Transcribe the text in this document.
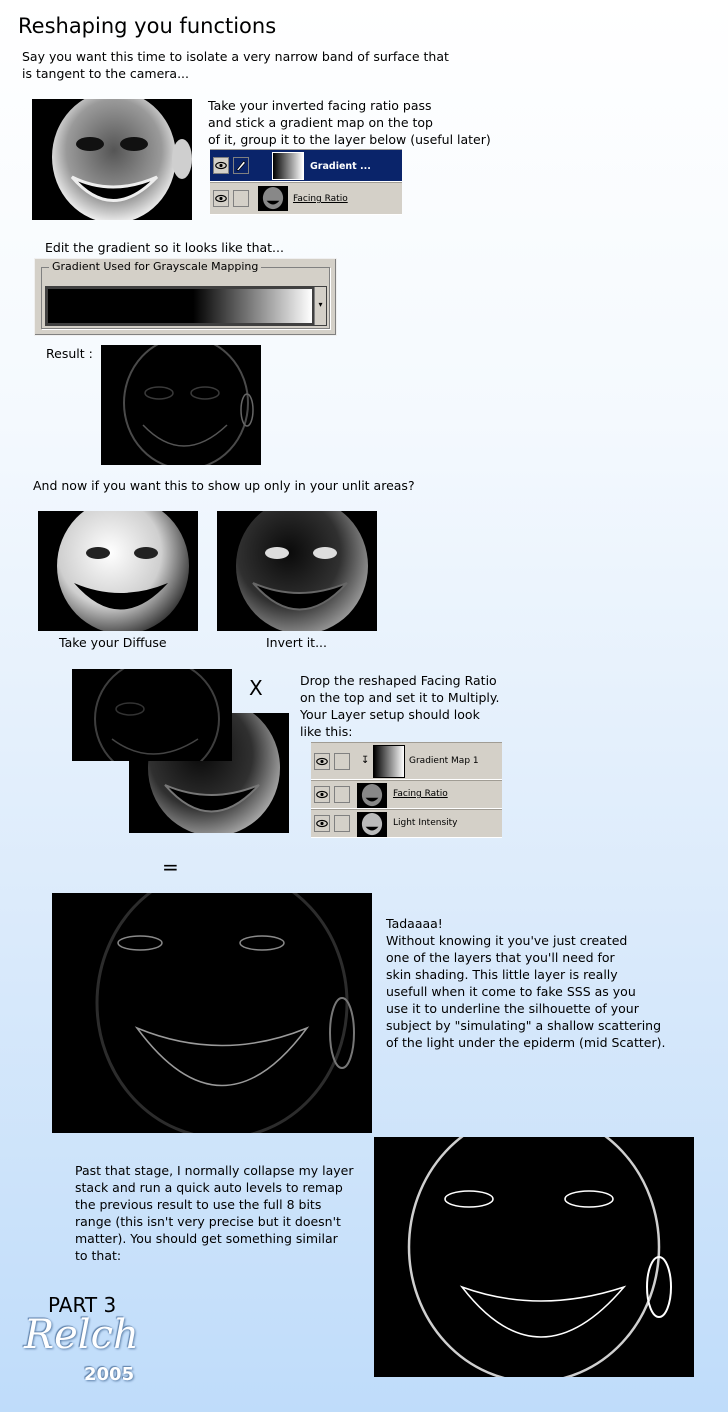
Reshaping you functions
Say you want this time to isolate a very narrow band of surface that
is tangent to the camera...
Take your inverted facing ratio pass
and stick a gradient map on the top
of it, group it to the layer below (useful later)
Gradient ...
Facing Ratio
Edit the gradient so it looks like that...
Gradient Used for Grayscale Mapping
▾
Result :
And now if you want this to show up only in your unlit areas?
Take your Diffuse	Invert it...
X	Drop the reshaped Facing Ratio
on the top and set it to Multiply.
Your Layer setup should look
like this:
↧	Gradient Map 1
Facing Ratio
Light Intensity
=
Tadaaaa!
Without knowing it you've just created
one of the layers that you'll need for
skin shading. This little layer is really
usefull when it come to fake SSS as you
use it to underline the silhouette of your
subject by "simulating" a shallow scattering
of the light under the epiderm (mid Scatter).
Past that stage, I normally collapse my layer
stack and run a quick auto levels to remap
the previous result to use the full 8 bits
range (this isn't very precise but it doesn't
matter). You should get something similar
to that:
PART 3
Relch
2005
